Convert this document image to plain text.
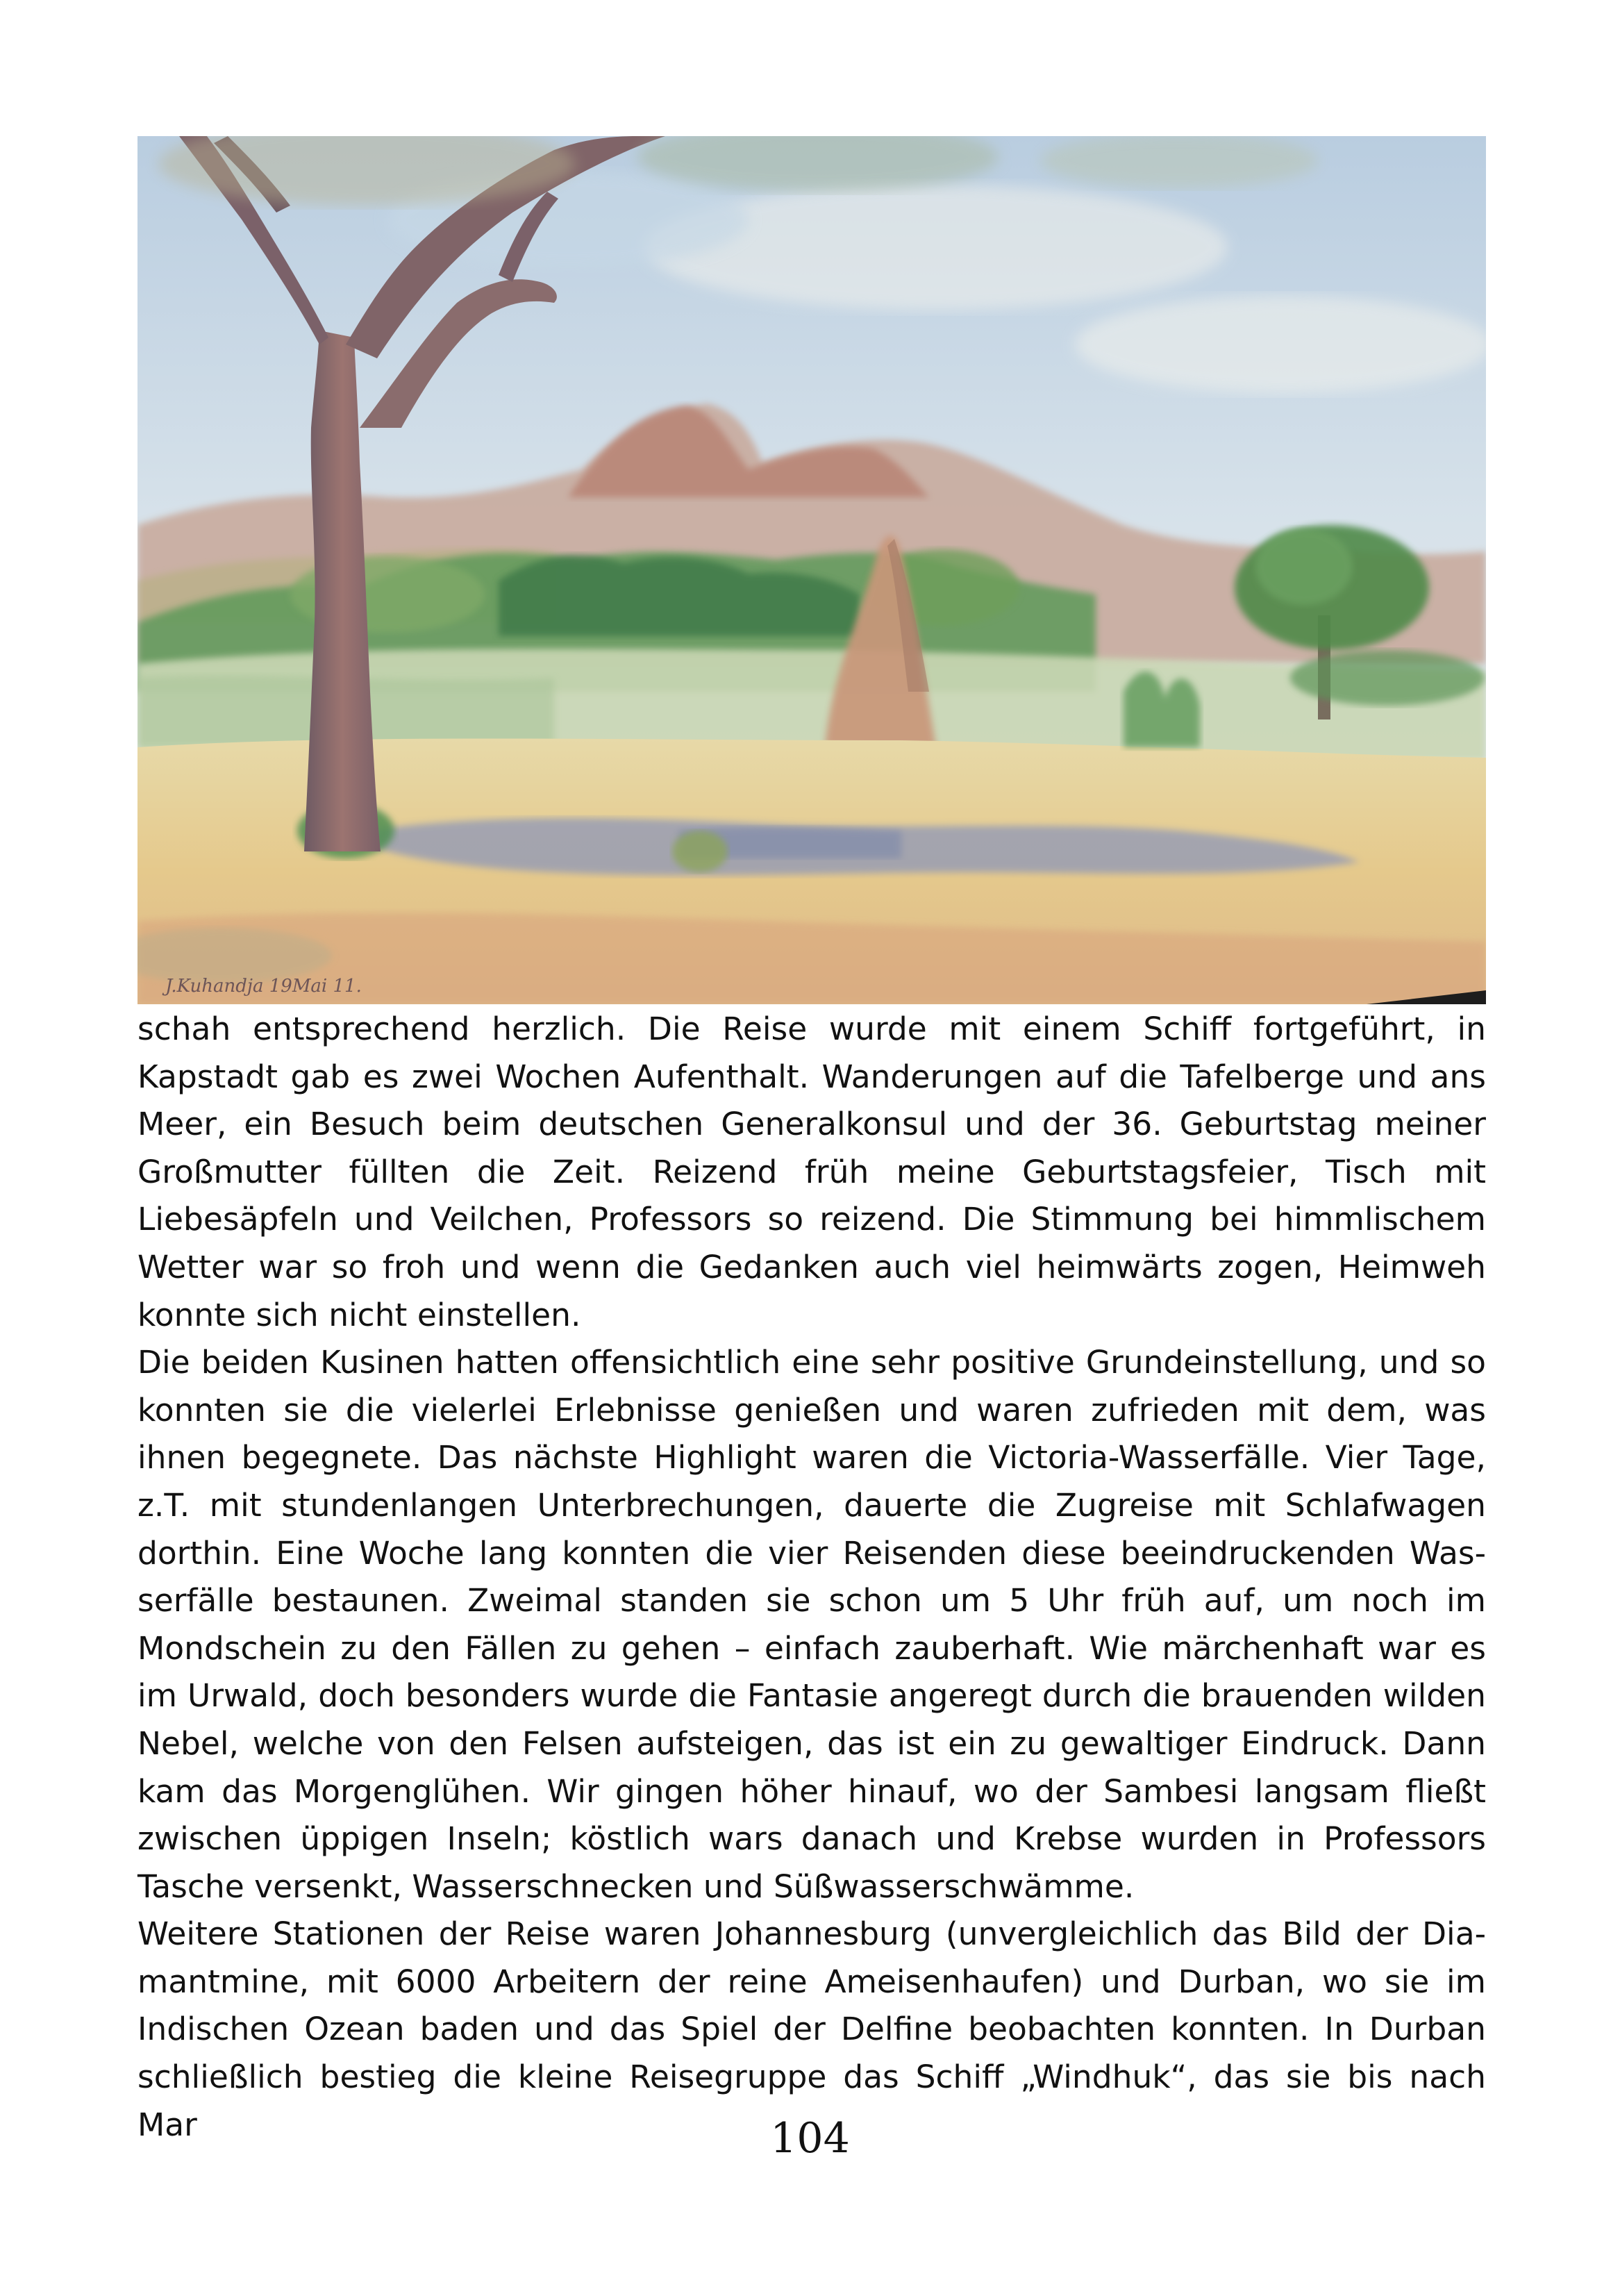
J.Kuhandja 19Mai 11.

schah entsprechend herzlich. Die Reise wurde mit einem Schiff fortgeführt, in Kapstadt gab es zwei Wochen Aufenthalt. Wanderungen auf die Tafelberge und ans Meer, ein Besuch beim deutschen Generalkonsul und der 36. Geburtstag meiner Großmutter füllten die Zeit. Reizend früh meine Geburtstagsfeier, Tisch mit Liebesäpfeln und Veilchen, Professors so reizend. Die Stimmung bei himmlischem Wetter war so froh und wenn die Gedanken auch viel heimwärts zogen, Heimweh konnte sich nicht einstellen.

Die beiden Kusinen hatten offensichtlich eine sehr positive Grundeinstellung, und so konnten sie die vielerlei Erlebnisse genießen und waren zufrieden mit dem, was ihnen begegnete. Das nächste Highlight waren die Victoria-Wasserfälle. Vier Tage, z.T. mit stundenlangen Unterbrechungen, dauerte die Zugreise mit Schlafwagen dorthin. Eine Woche lang konnten die vier Reisenden diese beeindruckenden Wasserfälle bestaunen. Zweimal standen sie schon um 5 Uhr früh auf, um noch im Mondschein zu den Fällen zu gehen – einfach zauberhaft. Wie märchenhaft war es im Urwald, doch besonders wurde die Fantasie angeregt durch die brauenden wilden Nebel, welche von den Felsen aufsteigen, das ist ein zu gewaltiger Eindruck. Dann kam das Morgenglühen. Wir gingen höher hinauf, wo der Sambesi langsam fließt zwischen üppigen Inseln; köstlich wars danach und Krebse wurden in Professors Tasche versenkt, Wasserschnecken und Süßwasserschwämme.

Weitere Stationen der Reise waren Johannesburg (unvergleichlich das Bild der Diamantmine, mit 6000 Arbeitern der reine Ameisenhaufen) und Durban, wo sie im Indischen Ozean baden und das Spiel der Delfine beobachten konnten. In Durban schließlich bestieg die kleine Reisegruppe das Schiff „Windhuk“, das sie bis nach Mar	104
